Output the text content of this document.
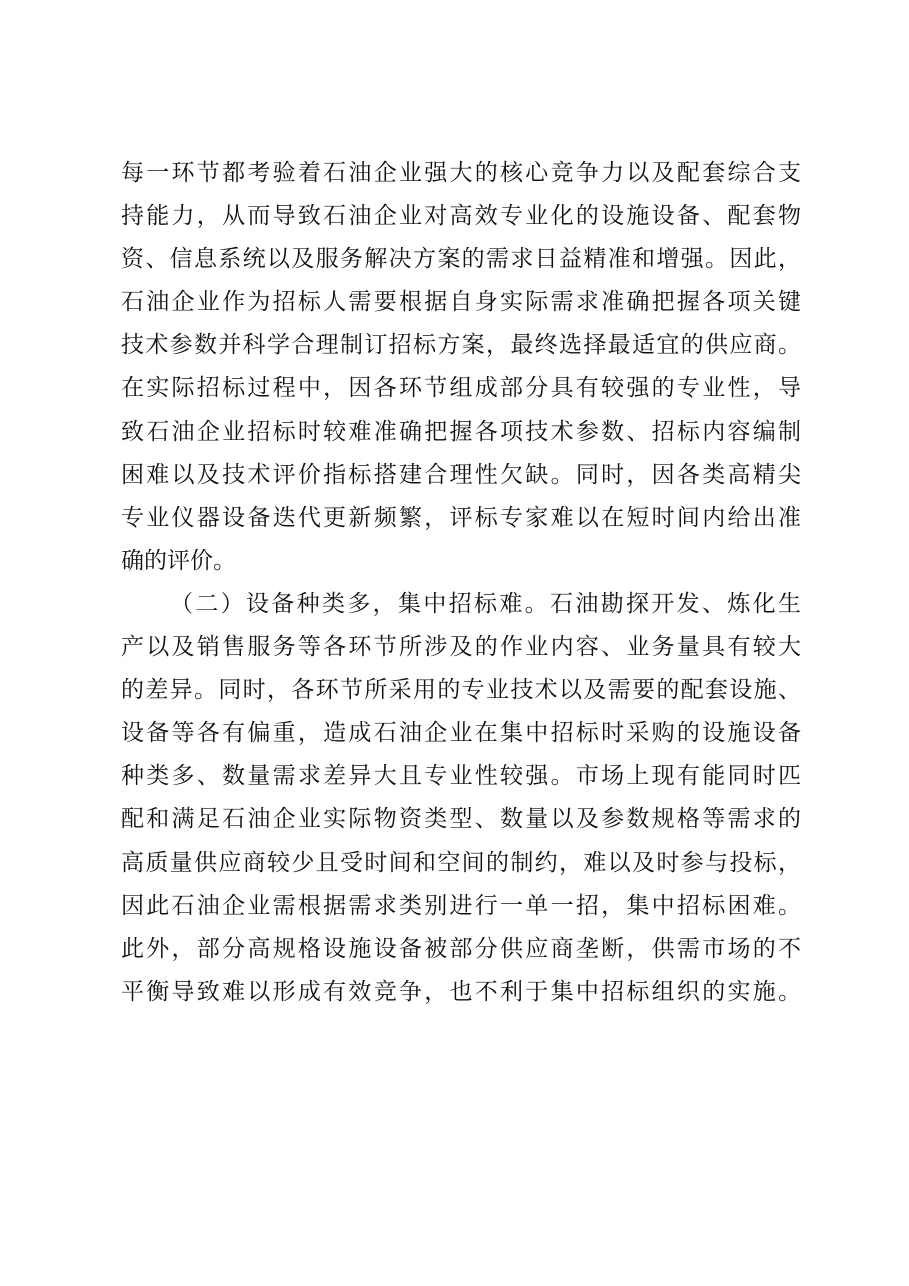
每一环节都考验着石油企业强大的核心竞争力以及配套综合支
持能力，从而导致石油企业对高效专业化的设施设备、配套物
资、信息系统以及服务解决方案的需求日益精准和增强。因此，
石油企业作为招标人需要根据自身实际需求准确把握各项关键
技术参数并科学合理制订招标方案，最终选择最适宜的供应商。
在实际招标过程中，因各环节组成部分具有较强的专业性，导
致石油企业招标时较难准确把握各项技术参数、招标内容编制
困难以及技术评价指标搭建合理性欠缺。同时，因各类高精尖
专业仪器设备迭代更新频繁，评标专家难以在短时间内给出准
确的评价。
（二）设备种类多，集中招标难。石油勘探开发、炼化生
产以及销售服务等各环节所涉及的作业内容、业务量具有较大
的差异。同时，各环节所采用的专业技术以及需要的配套设施、
设备等各有偏重，造成石油企业在集中招标时采购的设施设备
种类多、数量需求差异大且专业性较强。市场上现有能同时匹
配和满足石油企业实际物资类型、数量以及参数规格等需求的
高质量供应商较少且受时间和空间的制约，难以及时参与投标，
因此石油企业需根据需求类别进行一单一招，集中招标困难。
此外，部分高规格设施设备被部分供应商垄断，供需市场的不
平衡导致难以形成有效竞争，也不利于集中招标组织的实施。
